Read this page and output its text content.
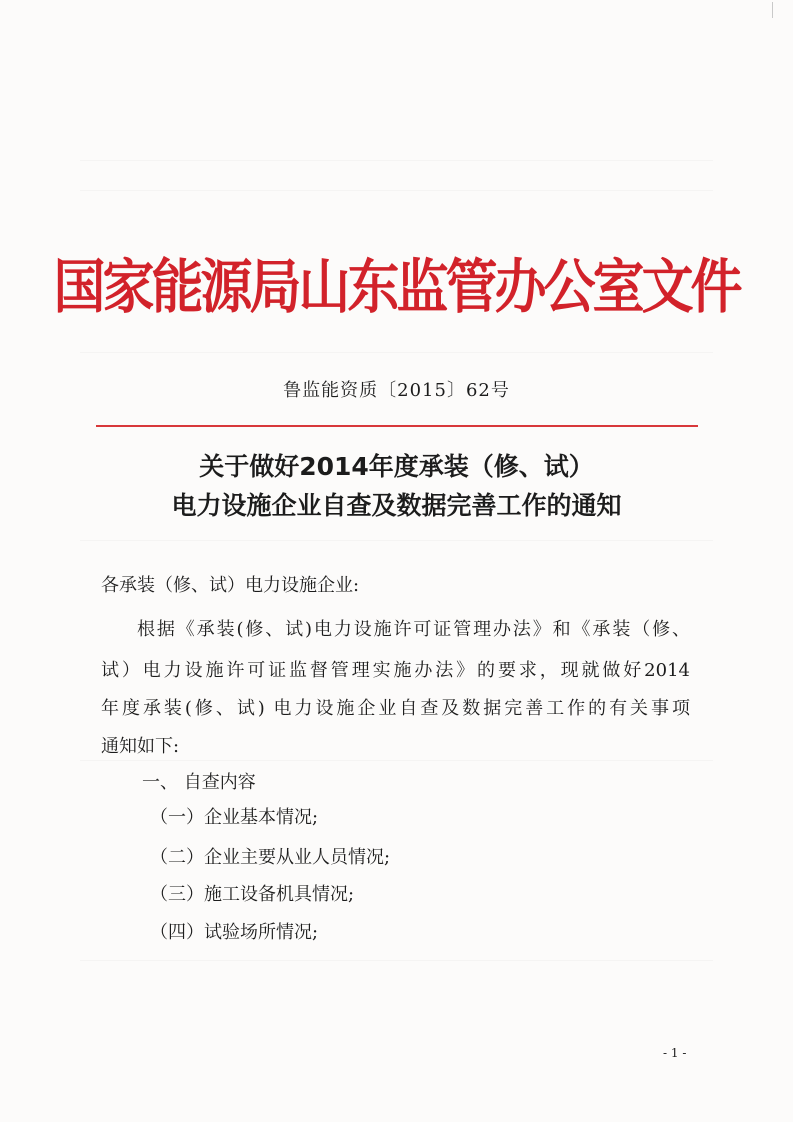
国家能源局山东监管办公室文件
鲁监能资质〔2015〕62号
关于做好2014年度承装（修、试）
电力设施企业自查及数据完善工作的通知
各承装（修、试）电力设施企业:
根据《承装(修、试)电力设施许可证管理办法》和《承装（修、
试）电力设施许可证监督管理实施办法》的要求，现就做好2014
年度承装(修、试) 电力设施企业自查及数据完善工作的有关事项
通知如下:
一、 自查内容
（一）企业基本情况;
（二）企业主要从业人员情况;
（三）施工设备机具情况;
（四）试验场所情况;
- 1 -
